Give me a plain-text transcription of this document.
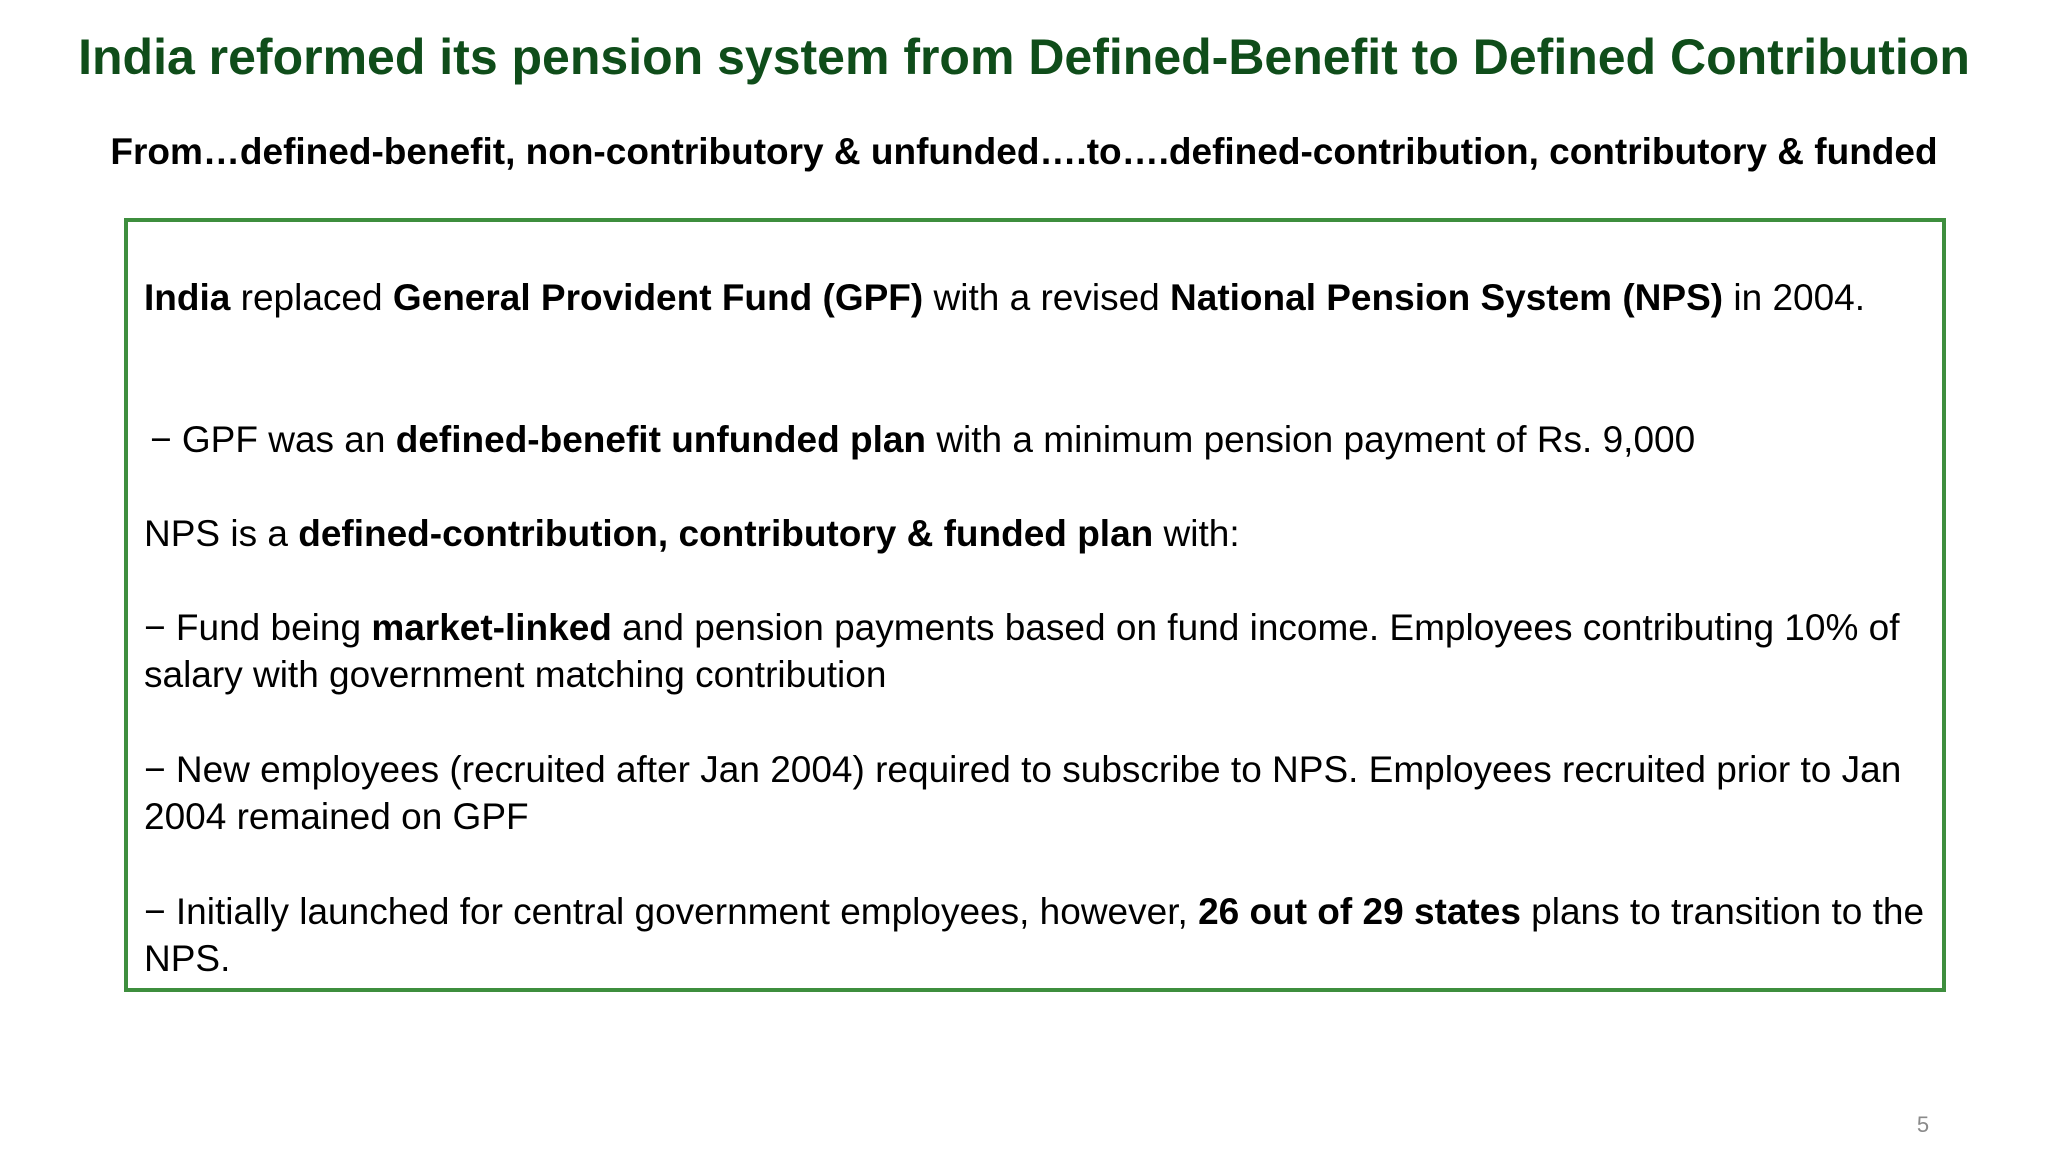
India reformed its pension system from Defined-Benefit to Defined Contribution
From…defined-benefit, non-contributory & unfunded….to….defined-contribution, contributory & funded

India replaced General Provident Fund (GPF) with a revised National Pension System (NPS) in 2004.

− GPF was an defined-benefit unfunded plan with a minimum pension payment of Rs. 9,000

NPS is a defined-contribution, contributory & funded plan with:

− Fund being market-linked and pension payments based on fund income. Employees contributing 10% of salary with government matching contribution

− New employees (recruited after Jan 2004) required to subscribe to NPS. Employees recruited prior to Jan 2004 remained on GPF

− Initially launched for central government employees, however, 26 out of 29 states plans to transition to the NPS.

5
